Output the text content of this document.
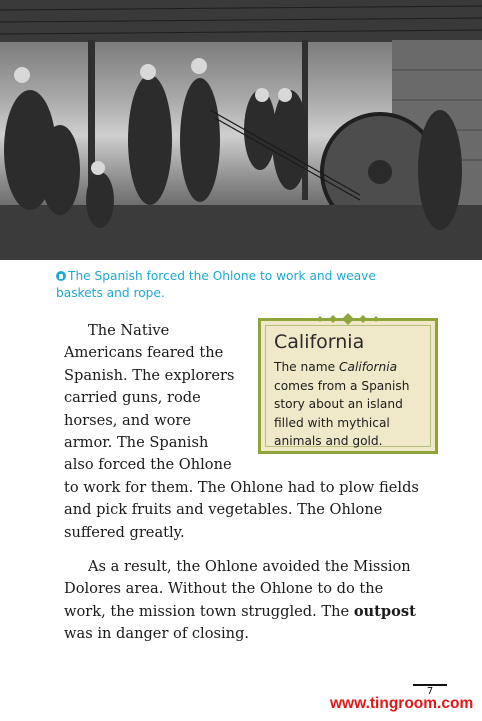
The Spanish forced the Ohlone to work and weave baskets and rope.
California
The name California comes from a Spanish story about an island filled with mythical animals and gold.

The Native Americans feared the Spanish. The explorers carried guns, rode horses, and wore armor. The Spanish also forced the Ohlone to work for them. The Ohlone had to plow fields and pick fruits and vegetables. The Ohlone suffered greatly.

As a result, the Ohlone avoided the Mission Dolores area. Without the Ohlone to do the work, the mission town struggled. The outpost was in danger of closing.

7
www.tingroom.com
